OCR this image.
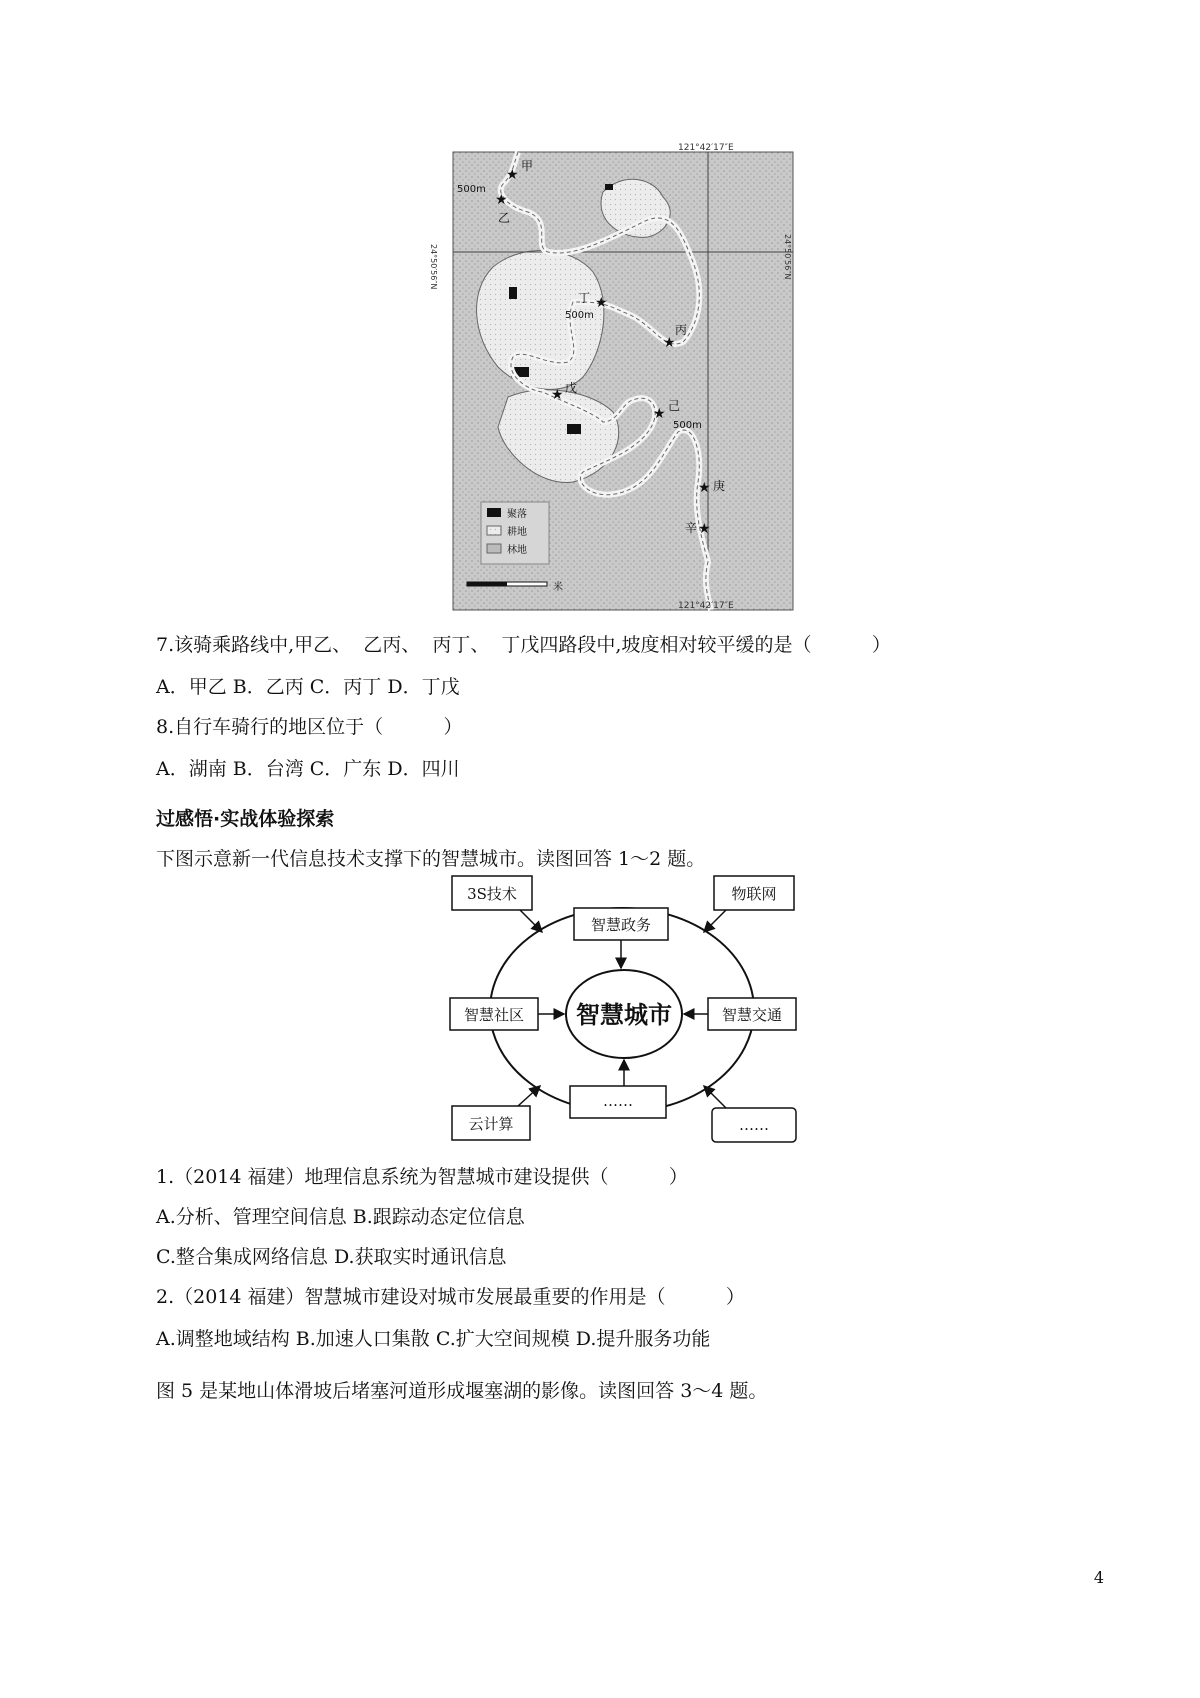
★
★
★
★
★
★
★
★
甲
乙
丙
丁
戊
己
庚
辛
500m
500m
500m
121°42′17″E
121°42′17″E
24°50′56″N	24°50′56″N
聚落
耕地
林地
米
7.该骑乘路线中,甲乙、  乙丙、  丙丁、  丁戊四路段中,坡度相对较平缓的是（          ）
A．甲乙 B．乙丙 C．丙丁 D．丁戊
8.自行车骑行的地区位于（          ）
A．湖南 B．台湾 C．广东 D．四川
过感悟·实战体验探索
下图示意新一代信息技术支撑下的智慧城市。读图回答 1～2 题。
智慧城市
智慧政务
智慧社区	智慧交通
……
3S技术	物联网
云计算	……
1.（2014 福建）地理信息系统为智慧城市建设提供（          ）
A.分析、管理空间信息 B.跟踪动态定位信息
C.整合集成网络信息 D.获取实时通讯信息
2.（2014 福建）智慧城市建设对城市发展最重要的作用是（          ）
A.调整地域结构 B.加速人口集散 C.扩大空间规模 D.提升服务功能
图 5 是某地山体滑坡后堵塞河道形成堰塞湖的影像。读图回答 3～4 题。
4
